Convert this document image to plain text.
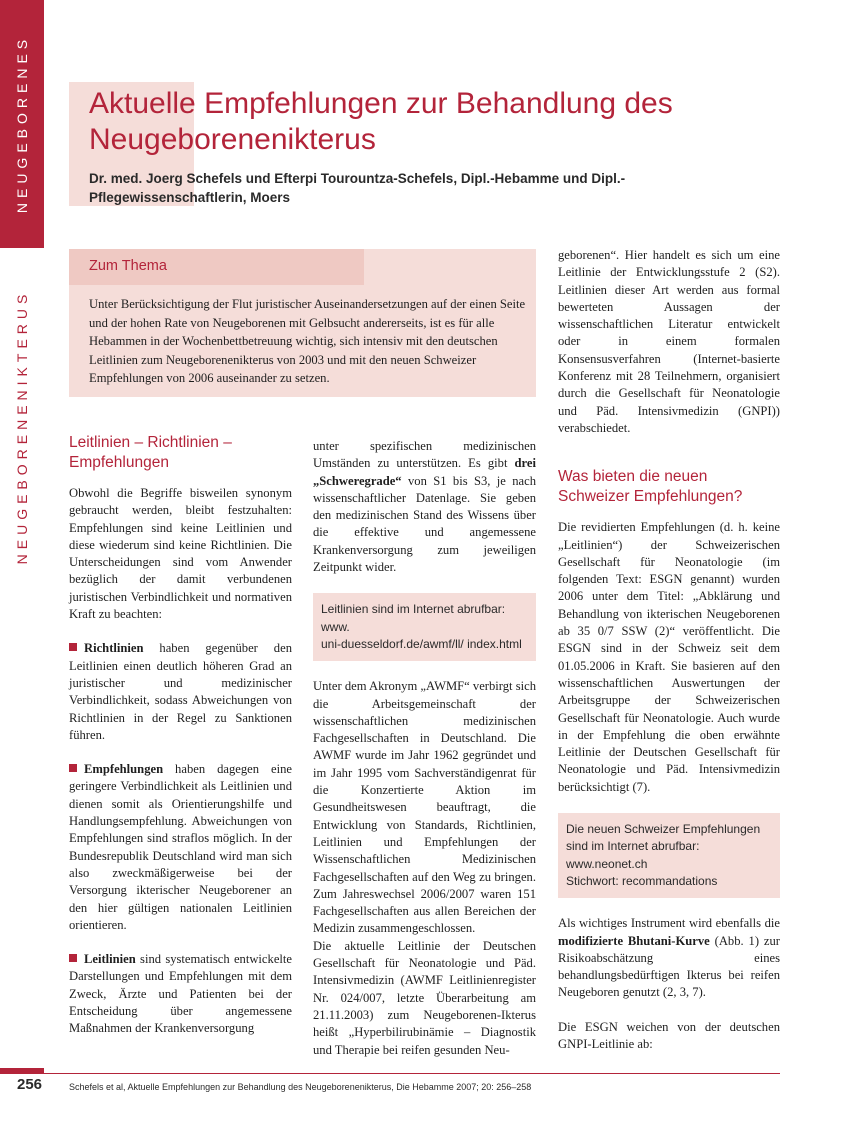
NEUGEBORENES
NEUGEBORENENIKTERUS
Aktuelle Empfehlungen zur Behandlung des Neugeborenenikterus
Dr. med. Joerg Schefels und Efterpi Tourountza-Schefels, Dipl.-Hebamme und Dipl.-Pflegewissenschaftlerin, Moers
Zum Thema

Unter Berücksichtigung der Flut juristischer Auseinandersetzungen auf der einen Seite und der hohen Rate von Neugeborenen mit Gelbsucht andererseits, ist es für alle Hebammen in der Wochenbettbetreuung wichtig, sich intensiv mit den deutschen Leitlinien zum Neugeborenenikterus von 2003 und mit den neuen Schweizer Empfehlungen von 2006 auseinander zu setzen.

Leitlinien – Richtlinien – Empfehlungen

Obwohl die Begriffe bisweilen synonym gebraucht werden, bleibt festzuhalten: Empfehlungen sind keine Leitlinien und diese wiederum sind keine Richtlinien. Die Unterscheidungen sind vom Anwender bezüglich der damit verbundenen juristischen Verbindlichkeit und normativen Kraft zu beachten:

Richtlinien haben gegenüber den Leitlinien einen deutlich höheren Grad an juristischer und medizinischer Verbindlichkeit, sodass Abweichungen von Richtlinien in der Regel zu Sanktionen führen.

Empfehlungen haben dagegen eine geringere Verbindlichkeit als Leitlinien und dienen somit als Orientierungshilfe und Handlungsempfehlung. Abweichungen von Empfehlungen sind straflos möglich. In der Bundesrepublik Deutschland wird man sich also zweckmäßigerweise bei der Versorgung ikterischer Neugeborener an den hier gültigen nationalen Leitlinien orientieren.

Leitlinien sind systematisch entwickelte Darstellungen und Empfehlungen mit dem Zweck, Ärzte und Patienten bei der Entscheidung über angemessene Maßnahmen der Krankenversorgung

unter spezifischen medizinischen Umständen zu unterstützen. Es gibt drei „Schweregrade“ von S1 bis S3, je nach wissenschaftlicher Datenlage. Sie geben den medizinischen Stand des Wissens über die effektive und angemessene Krankenversorgung zum jeweiligen Zeitpunkt wider.

Leitlinien sind im Internet abrufbar: www.
uni-duesseldorf.de/awmf/ll/ index.html

Unter dem Akronym „AWMF“ verbirgt sich die Arbeitsgemeinschaft der wissenschaftlichen medizinischen Fachgesellschaften in Deutschland. Die AWMF wurde im Jahr 1962 gegründet und im Jahr 1995 vom Sachverständigenrat für die Konzertierte Aktion im Gesundheitswesen beauftragt, die Entwicklung von Standards, Richtlinien, Leitlinien und Empfehlungen der Wissenschaftlichen Medizinischen Fachgesellschaften auf den Weg zu bringen. Zum Jahreswechsel 2006/2007 waren 151 Fachgesellschaften aus allen Bereichen der Medizin zusammengeschlossen.

Die aktuelle Leitlinie der Deutschen Gesellschaft für Neonatologie und Päd. Intensivmedizin (AWMF Leitlinienregister Nr. 024/007, letzte Überarbeitung am 21.11.2003) zum Neugeborenen-Ikterus heißt „Hyperbilirubinämie – Diagnostik und Therapie bei reifen gesunden Neu-

geborenen“. Hier handelt es sich um eine Leitlinie der Entwicklungsstufe 2 (S2). Leitlinien dieser Art werden aus formal bewerteten Aussagen der wissenschaftlichen Literatur entwickelt oder in einem formalen Konsensusverfahren (Internet-basierte Konferenz mit 28 Teilnehmern, organisiert durch die Gesellschaft für Neonatologie und Päd. Intensivmedizin (GNPI)) verabschiedet.

Was bieten die neuen Schweizer Empfehlungen?

Die revidierten Empfehlungen (d. h. keine „Leitlinien“) der Schweizerischen Gesellschaft für Neonatologie (im folgenden Text: ESGN genannt) wurden 2006 unter dem Titel: „Abklärung und Behandlung von ikterischen Neugeborenen ab 35 0/7 SSW (2)“ veröffentlicht. Die ESGN sind in der Schweiz seit dem 01.05.2006 in Kraft. Sie basieren auf den wissenschaftlichen Auswertungen der Arbeitsgruppe der Schweizerischen Gesellschaft für Neonatologie. Auch wurde in der Empfehlung die oben erwähnte Leitlinie der Deutschen Gesellschaft für Neonatologie und Päd. Intensivmedizin berücksichtigt (7).

Die neuen Schweizer Empfehlungen sind im Internet abrufbar:
www.neonet.ch
Stichwort: recommandations

Als wichtiges Instrument wird ebenfalls die modifizierte Bhutani-Kurve (Abb. 1) zur Risikoabschätzung eines behandlungsbedürftigen Ikterus bei reifen Neugeboren genutzt (2, 3, 7).

Die ESGN weichen von der deutschen GNPI-Leitlinie ab:

256	Schefels et al, Aktuelle Empfehlungen zur Behandlung des Neugeborenenikterus, Die Hebamme 2007; 20: 256–258
